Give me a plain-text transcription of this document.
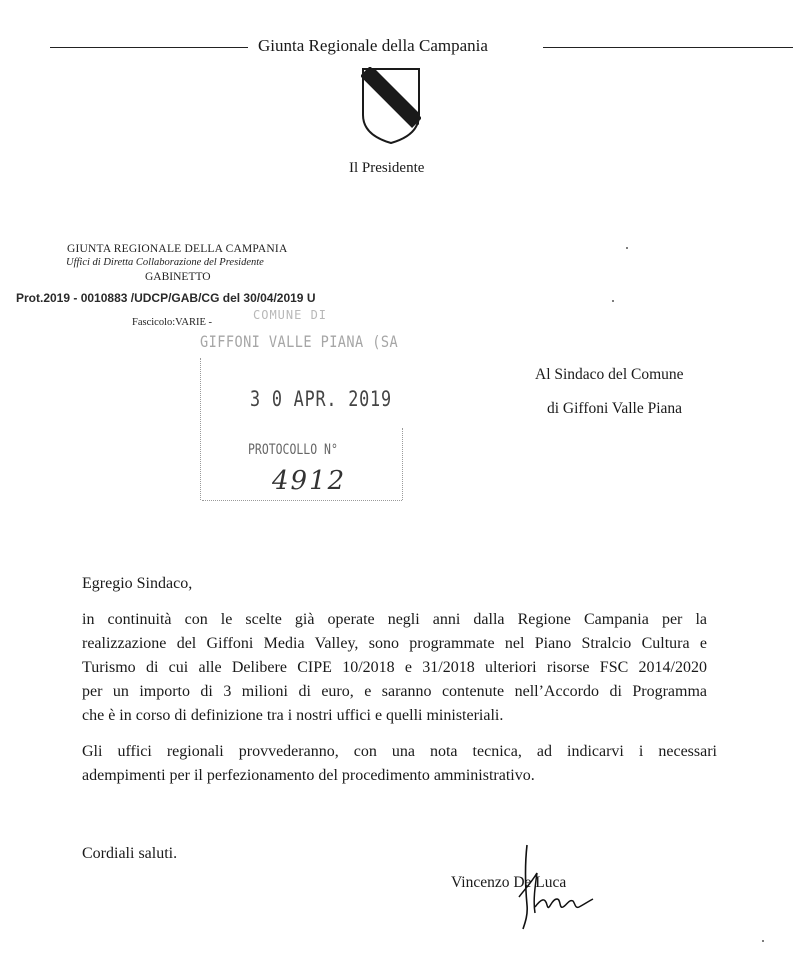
Giunta Regionale della Campania
Il Presidente
GIUNTA REGIONALE DELLA CAMPANIA
Uffici di Diretta Collaborazione del Presidente
GABINETTO
Prot.2019 - 0010883 /UDCP/GAB/CG del 30/04/2019 U
Fascicolo:VARIE -
COMUNE DI
GIFFONI VALLE PIANA (SA
3 0 APR. 2019
PROTOCOLLO N°
4912
Al Sindaco del Comune
di Giffoni Valle Piana
Egregio Sindaco,
in continuità con le scelte già operate negli anni dalla Regione Campania per la
realizzazione del Giffoni Media Valley, sono programmate nel Piano Stralcio Cultura e
Turismo di cui alle Delibere CIPE 10/2018 e 31/2018 ulteriori risorse FSC 2014/2020
per un importo di 3 milioni di euro, e saranno contenute nell’Accordo di Programma
che è in corso di definizione tra i nostri uffici e quelli ministeriali.
Gli uffici regionali provvederanno, con una nota tecnica, ad indicarvi i necessari
adempimenti per il perfezionamento del procedimento amministrativo.
Cordiali saluti.
Vincenzo De Luca
